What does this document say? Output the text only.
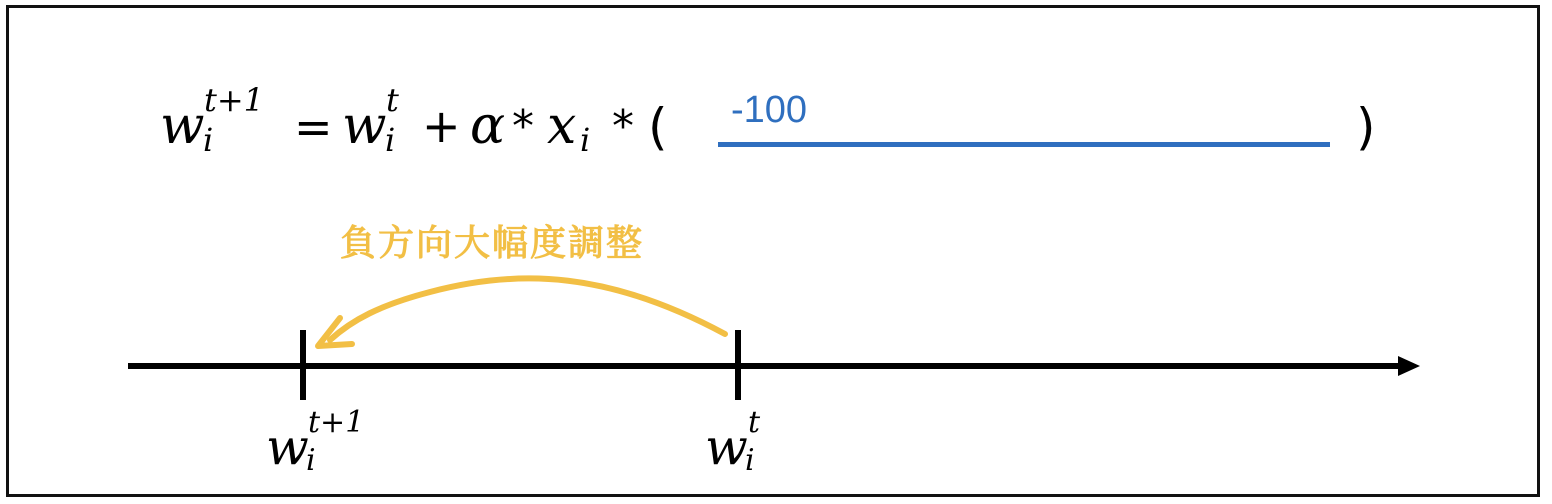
w t+1
i = w t
i + α * x i * ( -100	)
負方向大幅度調整
w t+1
i	w t
i
